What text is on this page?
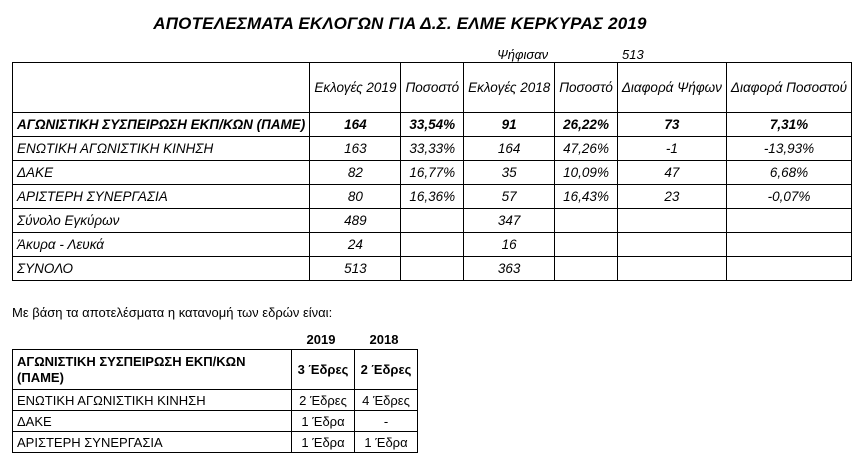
ΑΠΟΤΕΛΕΣΜΑΤΑ ΕΚΛΟΓΩΝ ΓΙΑ Δ.Σ. ΕΛΜΕ ΚΕΡΚΥΡΑΣ 2019
Ψήφισαν	513
	Εκλογές 2019	Ποσοστό	Εκλογές 2018	Ποσοστό	Διαφορά Ψήφων	Διαφορά Ποσοστού
ΑΓΩΝΙΣΤΙΚΗ ΣΥΣΠΕΙΡΩΣΗ ΕΚΠ/ΚΩΝ (ΠΑΜΕ)	164	33,54%	91	26,22%	73	7,31%
ΕΝΩΤΙΚΗ ΑΓΩΝΙΣΤΙΚΗ ΚΙΝΗΣΗ	163	33,33%	164	47,26%	-1	-13,93%
ΔΑΚΕ	82	16,77%	35	10,09%	47	6,68%
ΑΡΙΣΤΕΡΗ ΣΥΝΕΡΓΑΣΙΑ	80	16,36%	57	16,43%	23	-0,07%
Σύνολο Εγκύρων	489		347			
Άκυρα - Λευκά	24		16			
ΣΥΝΟΛΟ	513		363			
Με βάση τα αποτελέσματα η κατανομή των εδρών είναι:
2019	2018
ΑΓΩΝΙΣΤΙΚΗ ΣΥΣΠΕΙΡΩΣΗ ΕΚΠ/ΚΩΝ (ΠΑΜΕ)	3 Έδρες	2 Έδρες
ΕΝΩΤΙΚΗ ΑΓΩΝΙΣΤΙΚΗ ΚΙΝΗΣΗ	2 Έδρες	4 Έδρες
ΔΑΚΕ	1 Έδρα	-
ΑΡΙΣΤΕΡΗ ΣΥΝΕΡΓΑΣΙΑ	1 Έδρα	1 Έδρα
